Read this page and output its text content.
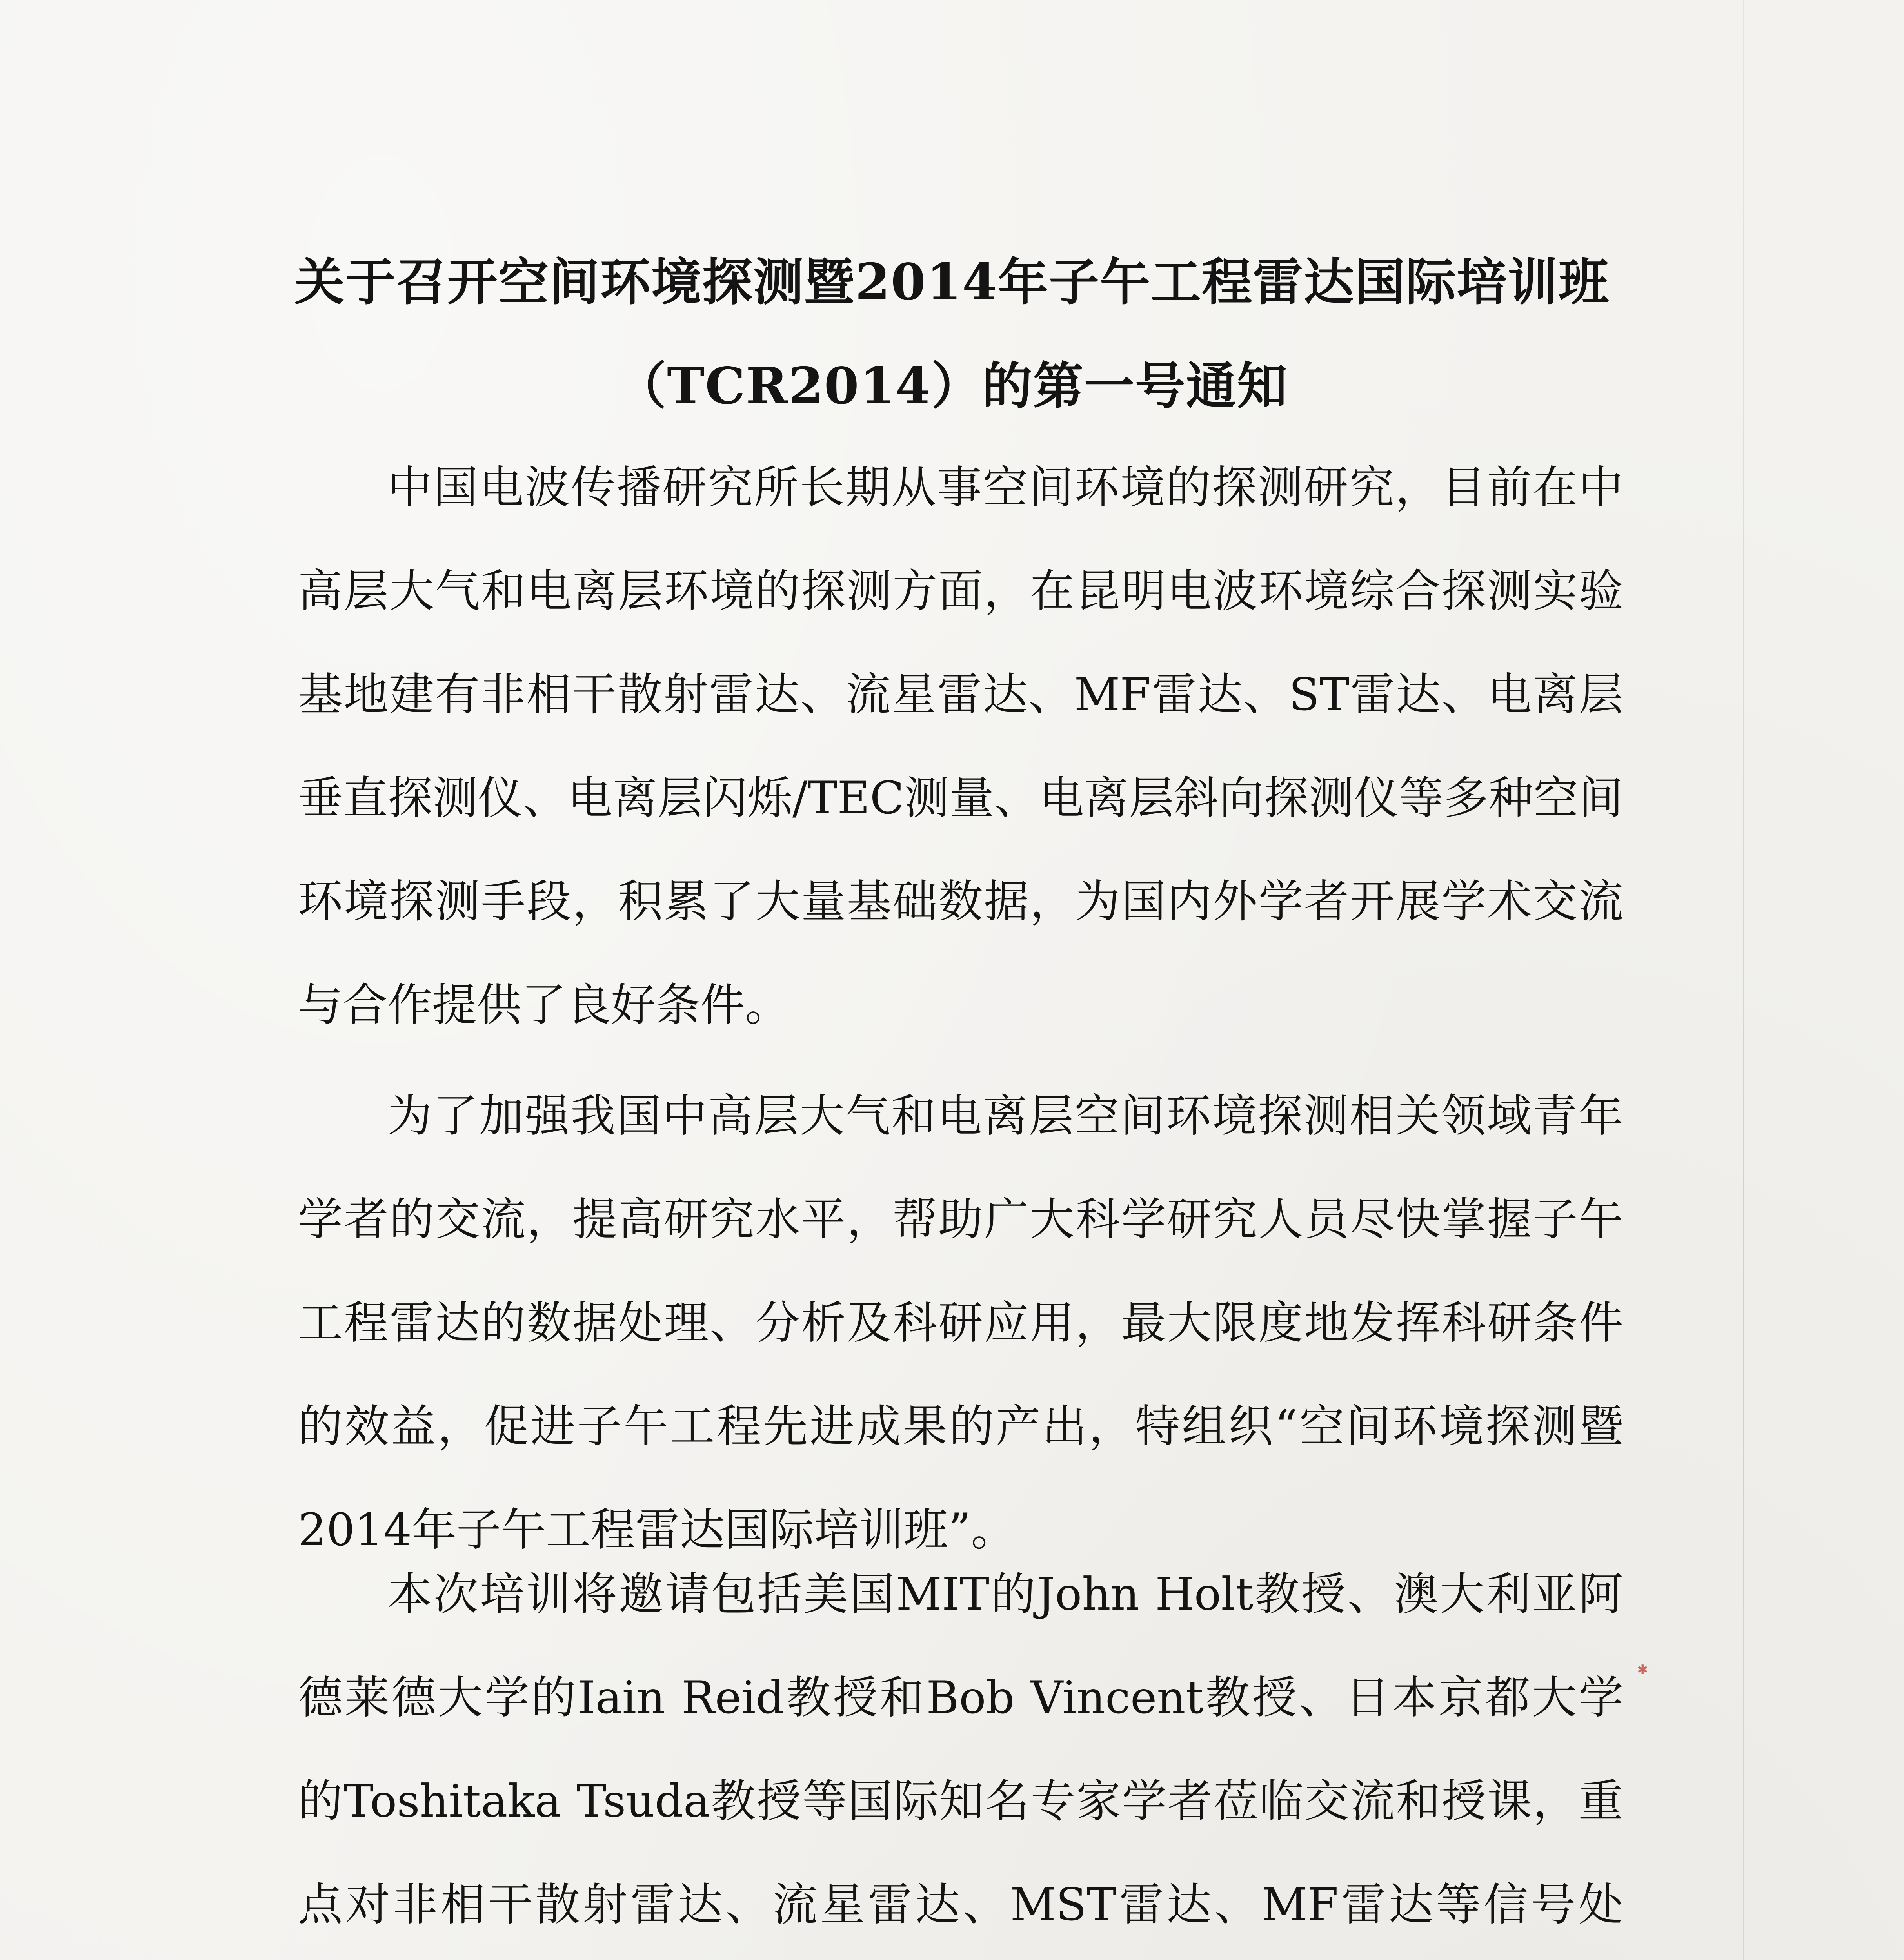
关于召开空间环境探测暨2014年子午工程雷达国际培训班
（TCR2014）的第一号通知

中国电波传播研究所长期从事空间环境的探测研究，目前在中高层大气和电离层环境的探测方面，在昆明电波环境综合探测实验基地建有非相干散射雷达、流星雷达、MF雷达、ST雷达、电离层垂直探测仪、电离层闪烁/TEC测量、电离层斜向探测仪等多种空间环境探测手段，积累了大量基础数据，为国内外学者开展学术交流与合作提供了良好条件。

为了加强我国中高层大气和电离层空间环境探测相关领域青年学者的交流，提高研究水平，帮助广大科学研究人员尽快掌握子午工程雷达的数据处理、分析及科研应用，最大限度地发挥科研条件的效益，促进子午工程先进成果的产出，特组织“空间环境探测暨2014年子午工程雷达国际培训班”。

本次培训将邀请包括美国MIT的John Holt教授、澳大利亚阿德莱德大学的Iain Reid教授和Bob Vincent教授、日本京都大学的Toshitaka Tsuda教授等国际知名专家学者莅临交流和授课，重点对非相干散射雷达、流星雷达、MST雷达、MF雷达等信号处

✱
